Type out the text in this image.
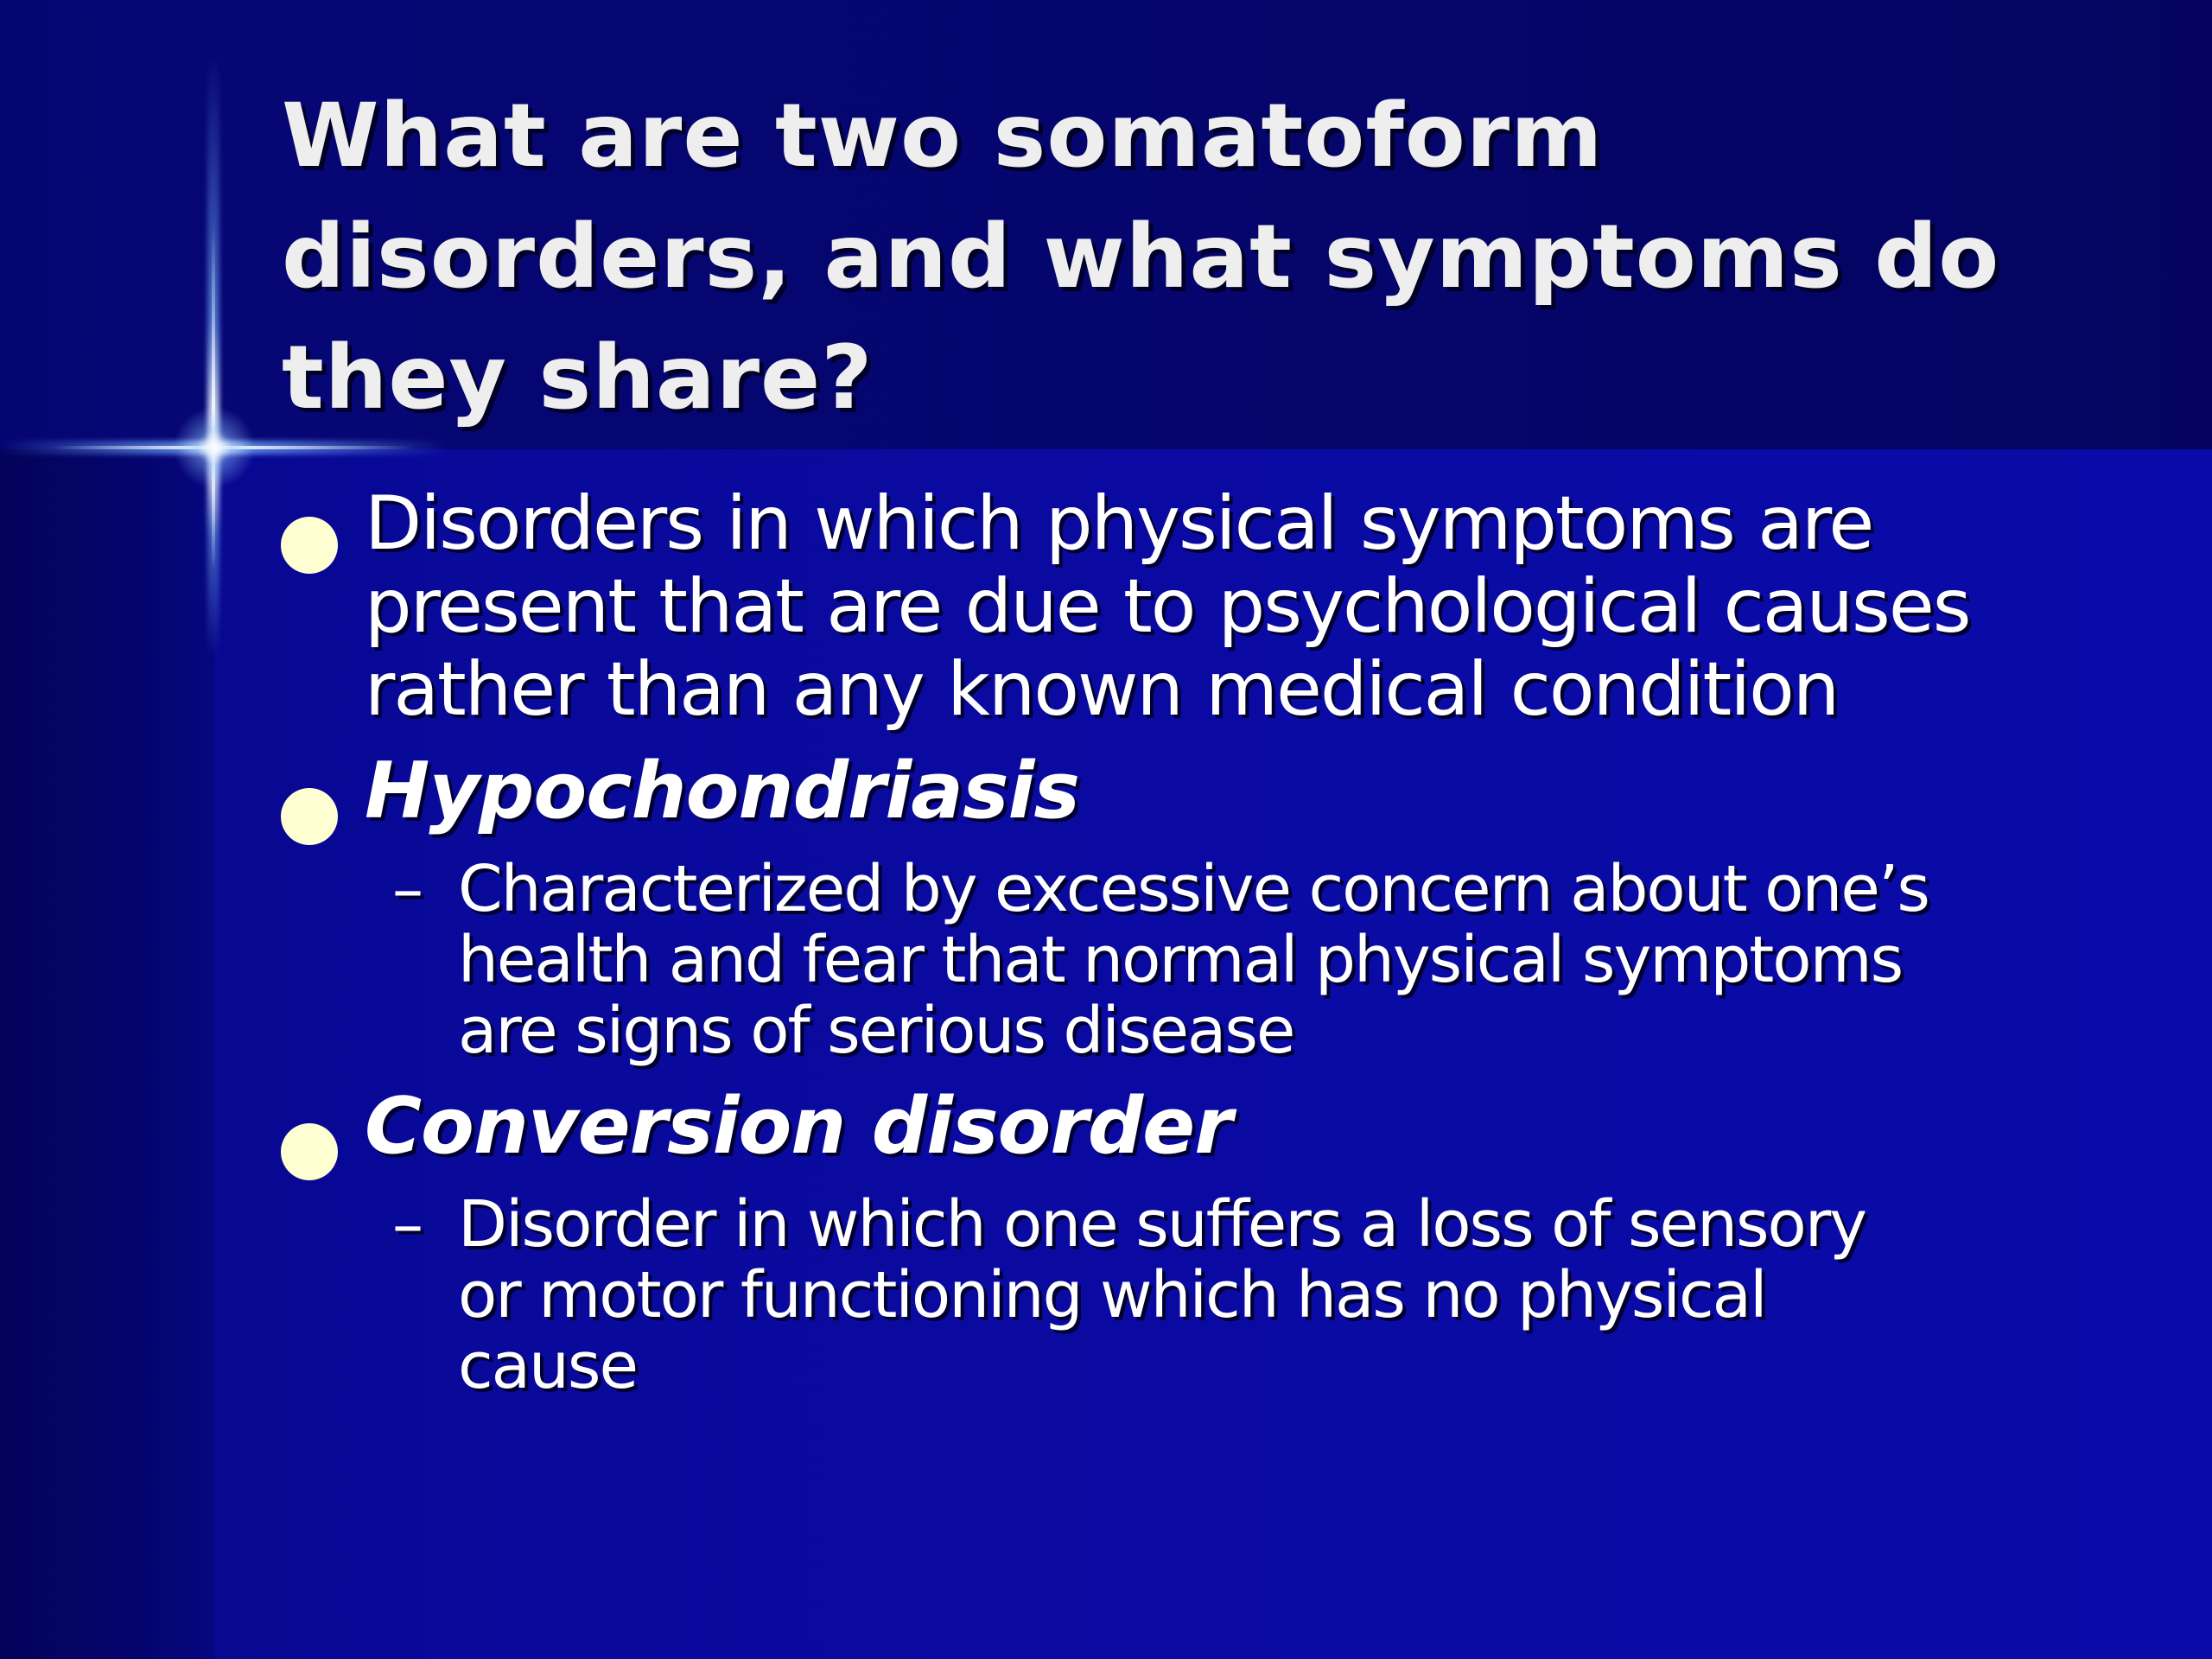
What are two somatoform
disorders, and what symptoms do
they share?
Disorders in which physical symptoms are
present that are due to psychological causes
rather than any known medical condition
Hypochondriasis
– Characterized by excessive concern about one’s
health and fear that normal physical symptoms
are signs of serious disease
Conversion disorder
– Disorder in which one suffers a loss of sensory
or motor functioning which has no physical
cause
